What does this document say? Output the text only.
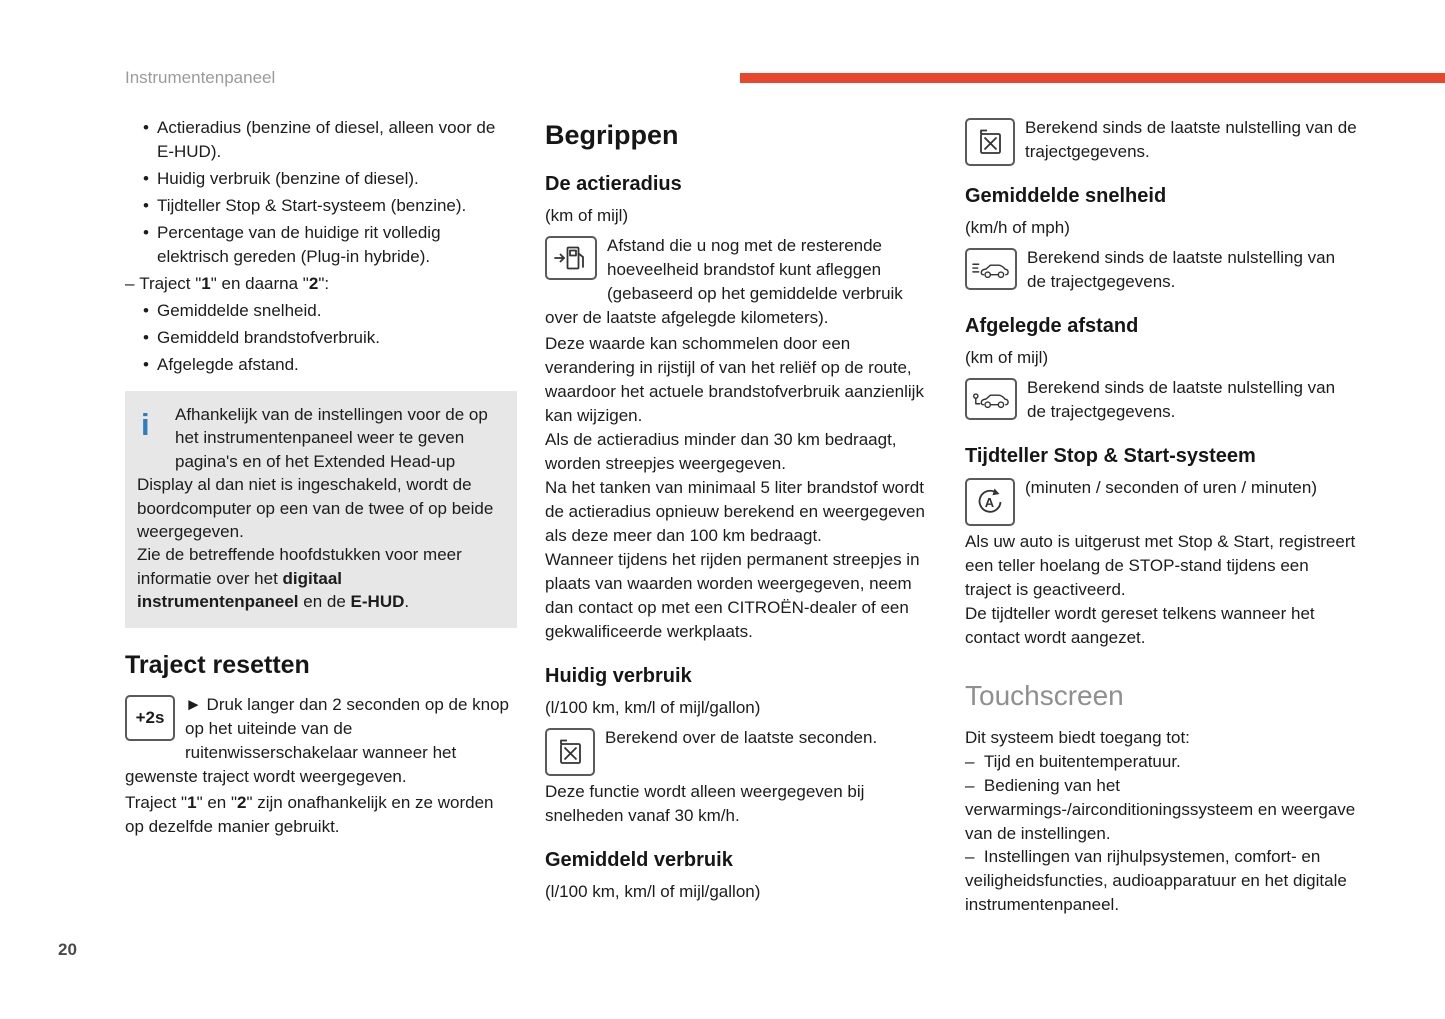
Instrumentenpaneel
• Actieradius (benzine of diesel, alleen voor de E-HUD).
• Huidig verbruik (benzine of diesel).
• Tijdteller Stop & Start-systeem (benzine).
• Percentage van de huidige rit volledig elektrisch gereden (Plug-in hybride).

– Traject "1" en daarna "2":

• Gemiddelde snelheid.
• Gemiddeld brandstofverbruik.
• Afgelegde afstand.
i	Afhankelijk van de instellingen voor de op het instrumentenpaneel weer te geven pagina's en of het Extended Head-up Display al dan niet is ingeschakeld, wordt de boordcomputer op een van de twee of op beide weergegeven.

Zie de betreffende hoofdstukken voor meer informatie over het digitaal instrumentenpaneel en de E-HUD.

Traject resetten
+2s

► Druk langer dan 2 seconden op de knop op het uiteinde van de ruitenwisserschakelaar wanneer het gewenste traject wordt weergegeven.

Traject "1" en "2" zijn onafhankelijk en ze worden op dezelfde manier gebruikt.

Begrippen
De actieradius

(km of mijl)

Afstand die u nog met de resterende hoeveelheid brandstof kunt afleggen (gebaseerd op het gemiddelde verbruik over de laatste afgelegde kilometers).

Deze waarde kan schommelen door een verandering in rijstijl of van het reliëf op de route, waardoor het actuele brandstofverbruik aanzienlijk kan wijzigen.

Als de actieradius minder dan 30 km bedraagt, worden streepjes weergegeven.

Na het tanken van minimaal 5 liter brandstof wordt de actieradius opnieuw berekend en weergegeven als deze meer dan 100 km bedraagt.

Wanneer tijdens het rijden permanent streepjes in plaats van waarden worden weergegeven, neem dan contact op met een CITROËN-dealer of een gekwalificeerde werkplaats.

Huidig verbruik

(l/100 km, km/l of mijl/gallon)

Berekend over de laatste seconden.

Deze functie wordt alleen weergegeven bij snelheden vanaf 30 km/h.

Gemiddeld verbruik

(l/100 km, km/l of mijl/gallon)

Berekend sinds de laatste nulstelling van de trajectgegevens.

Gemiddelde snelheid

(km/h of mph)

Berekend sinds de laatste nulstelling van de trajectgegevens.

Afgelegde afstand

(km of mijl)

Berekend sinds de laatste nulstelling van de trajectgegevens.

Tijdteller Stop & Start-systeem
A

(minuten / seconden of uren / minuten)

Als uw auto is uitgerust met Stop & Start, registreert een teller hoelang de STOP-stand tijdens een traject is geactiveerd.

De tijdteller wordt gereset telkens wanneer het contact wordt aangezet.

Touchscreen

Dit systeem biedt toegang tot:

–  Tijd en buitentemperatuur.

–  Bediening van het verwarmings-/airconditioningssysteem en weergave van de instellingen.

–  Instellingen van rijhulpsystemen, comfort- en veiligheidsfuncties, audioapparatuur en het digitale instrumentenpaneel.

20
